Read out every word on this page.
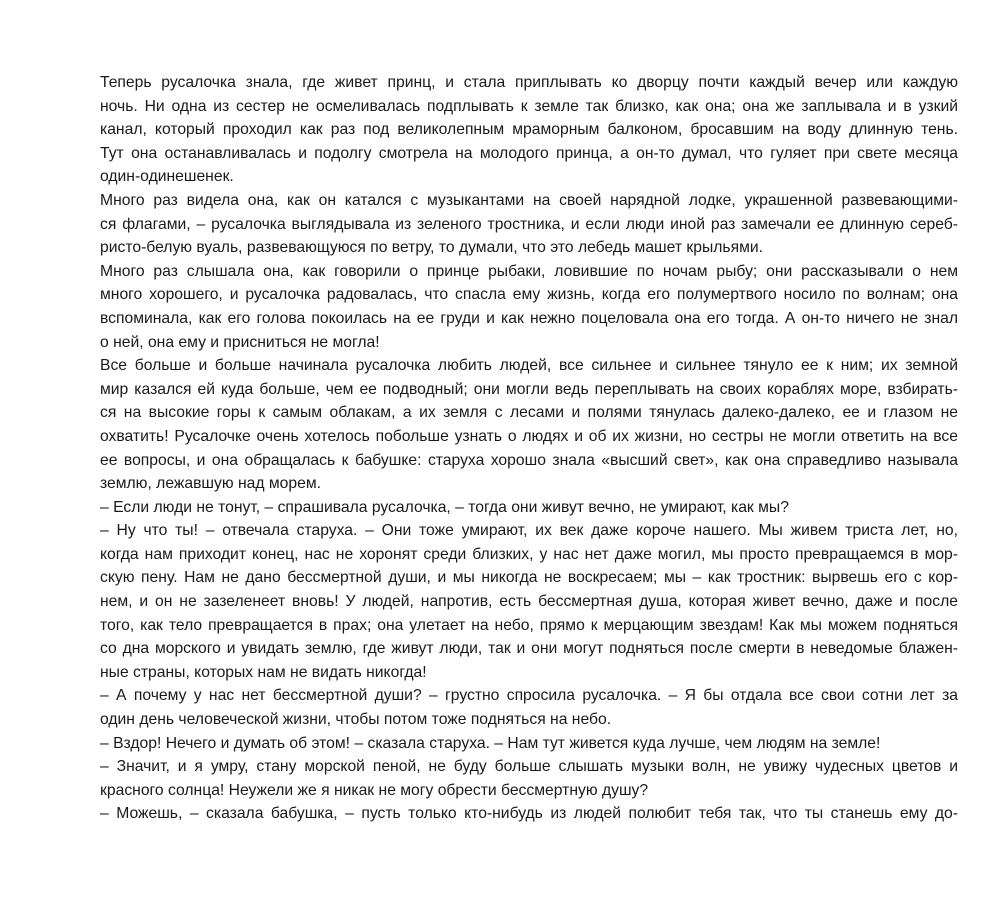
Теперь русалочка знала, где живет принц, и стала приплывать ко дворцу почти каждый вечер или каждую
ночь. Ни одна из сестер не осмеливалась подплывать к земле так близко, как она; она же заплывала и в узкий
канал, который проходил как раз под великолепным мраморным балконом, бросавшим на воду длинную тень.
Тут она останавливалась и подолгу смотрела на молодого принца, а он-то думал, что гуляет при свете месяца
один-одинешенек.

Много раз видела она, как он катался с музыкантами на своей нарядной лодке, украшенной развевающими-
ся флагами, – русалочка выглядывала из зеленого тростника, и если люди иной раз замечали ее длинную сереб-
ристо-белую вуаль, развевающуюся по ветру, то думали, что это лебедь машет крыльями.

Много раз слышала она, как говорили о принце рыбаки, ловившие по ночам рыбу; они рассказывали о нем
много хорошего, и русалочка радовалась, что спасла ему жизнь, когда его полумертвого носило по волнам; она
вспоминала, как его голова покоилась на ее груди и как нежно поцеловала она его тогда. А он-то ничего не знал
о ней, она ему и присниться не могла!

Все больше и больше начинала русалочка любить людей, все сильнее и сильнее тянуло ее к ним; их земной
мир казался ей куда больше, чем ее подводный; они могли ведь переплывать на своих кораблях море, взбирать-
ся на высокие горы к самым облакам, а их земля с лесами и полями тянулась далеко-далеко, ее и глазом не
охватить! Русалочке очень хотелось побольше узнать о людях и об их жизни, но сестры не могли ответить на все
ее вопросы, и она обращалась к бабушке: старуха хорошо знала «высший свет», как она справедливо называла
землю, лежавшую над морем.

– Если люди не тонут, – спрашивала русалочка, – тогда они живут вечно, не умирают, как мы?

– Ну что ты! – отвечала старуха. – Они тоже умирают, их век даже короче нашего. Мы живем триста лет, но,
когда нам приходит конец, нас не хоронят среди близких, у нас нет даже могил, мы просто превращаемся в мор-
скую пену. Нам не дано бессмертной души, и мы никогда не воскресаем; мы – как тростник: вырвешь его с кор-
нем, и он не зазеленеет вновь! У людей, напротив, есть бессмертная душа, которая живет вечно, даже и после
того, как тело превращается в прах; она улетает на небо, прямо к мерцающим звездам! Как мы можем подняться
со дна морского и увидать землю, где живут люди, так и они могут подняться после смерти в неведомые блажен-
ные страны, которых нам не видать никогда!

– А почему у нас нет бессмертной души? – грустно спросила русалочка. – Я бы отдала все свои сотни лет за
один день человеческой жизни, чтобы потом тоже подняться на небо.

– Вздор! Нечего и думать об этом! – сказала старуха. – Нам тут живется куда лучше, чем людям на земле!

– Значит, и я умру, стану морской пеной, не буду больше слышать музыки волн, не увижу чудесных цветов и
красного солнца! Неужели же я никак не могу обрести бессмертную душу?

– Можешь, – сказала бабушка, – пусть только кто-нибудь из людей полюбит тебя так, что ты станешь ему до-
